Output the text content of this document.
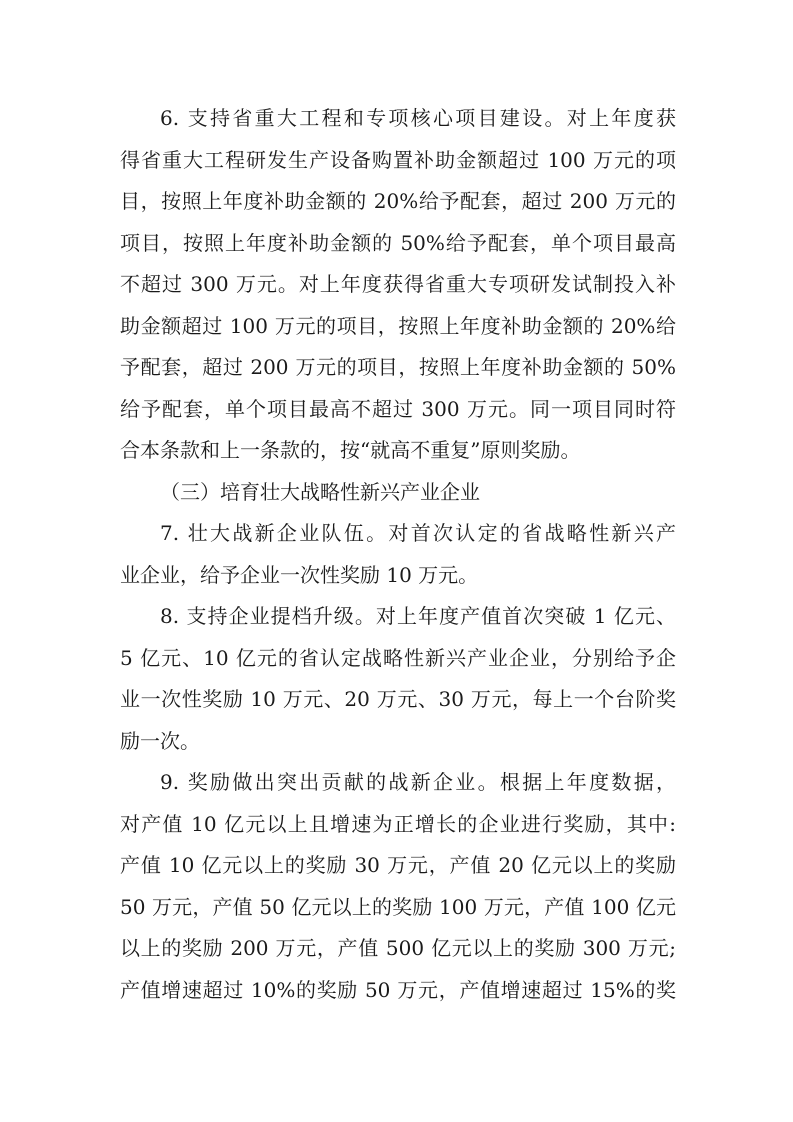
6. 支持省重大工程和专项核心项目建设。对上年度获
得省重大工程研发生产设备购置补助金额超过 100 万元的项
目，按照上年度补助金额的 20%给予配套，超过 200 万元的
项目，按照上年度补助金额的 50%给予配套，单个项目最高
不超过 300 万元。对上年度获得省重大专项研发试制投入补
助金额超过 100 万元的项目，按照上年度补助金额的 20%给
予配套，超过 200 万元的项目，按照上年度补助金额的 50%
给予配套，单个项目最高不超过 300 万元。同一项目同时符
合本条款和上一条款的，按“就高不重复”原则奖励。
（三）培育壮大战略性新兴产业企业
7. 壮大战新企业队伍。对首次认定的省战略性新兴产
业企业，给予企业一次性奖励 10 万元。
8. 支持企业提档升级。对上年度产值首次突破 1 亿元、
5 亿元、10 亿元的省认定战略性新兴产业企业，分别给予企
业一次性奖励 10 万元、20 万元、30 万元，每上一个台阶奖
励一次。
9. 奖励做出突出贡献的战新企业。根据上年度数据，
对产值 10 亿元以上且增速为正增长的企业进行奖励，其中:
产值 10 亿元以上的奖励 30 万元，产值 20 亿元以上的奖励
50 万元，产值 50 亿元以上的奖励 100 万元，产值 100 亿元
以上的奖励 200 万元，产值 500 亿元以上的奖励 300 万元;
产值增速超过 10%的奖励 50 万元，产值增速超过 15%的奖
